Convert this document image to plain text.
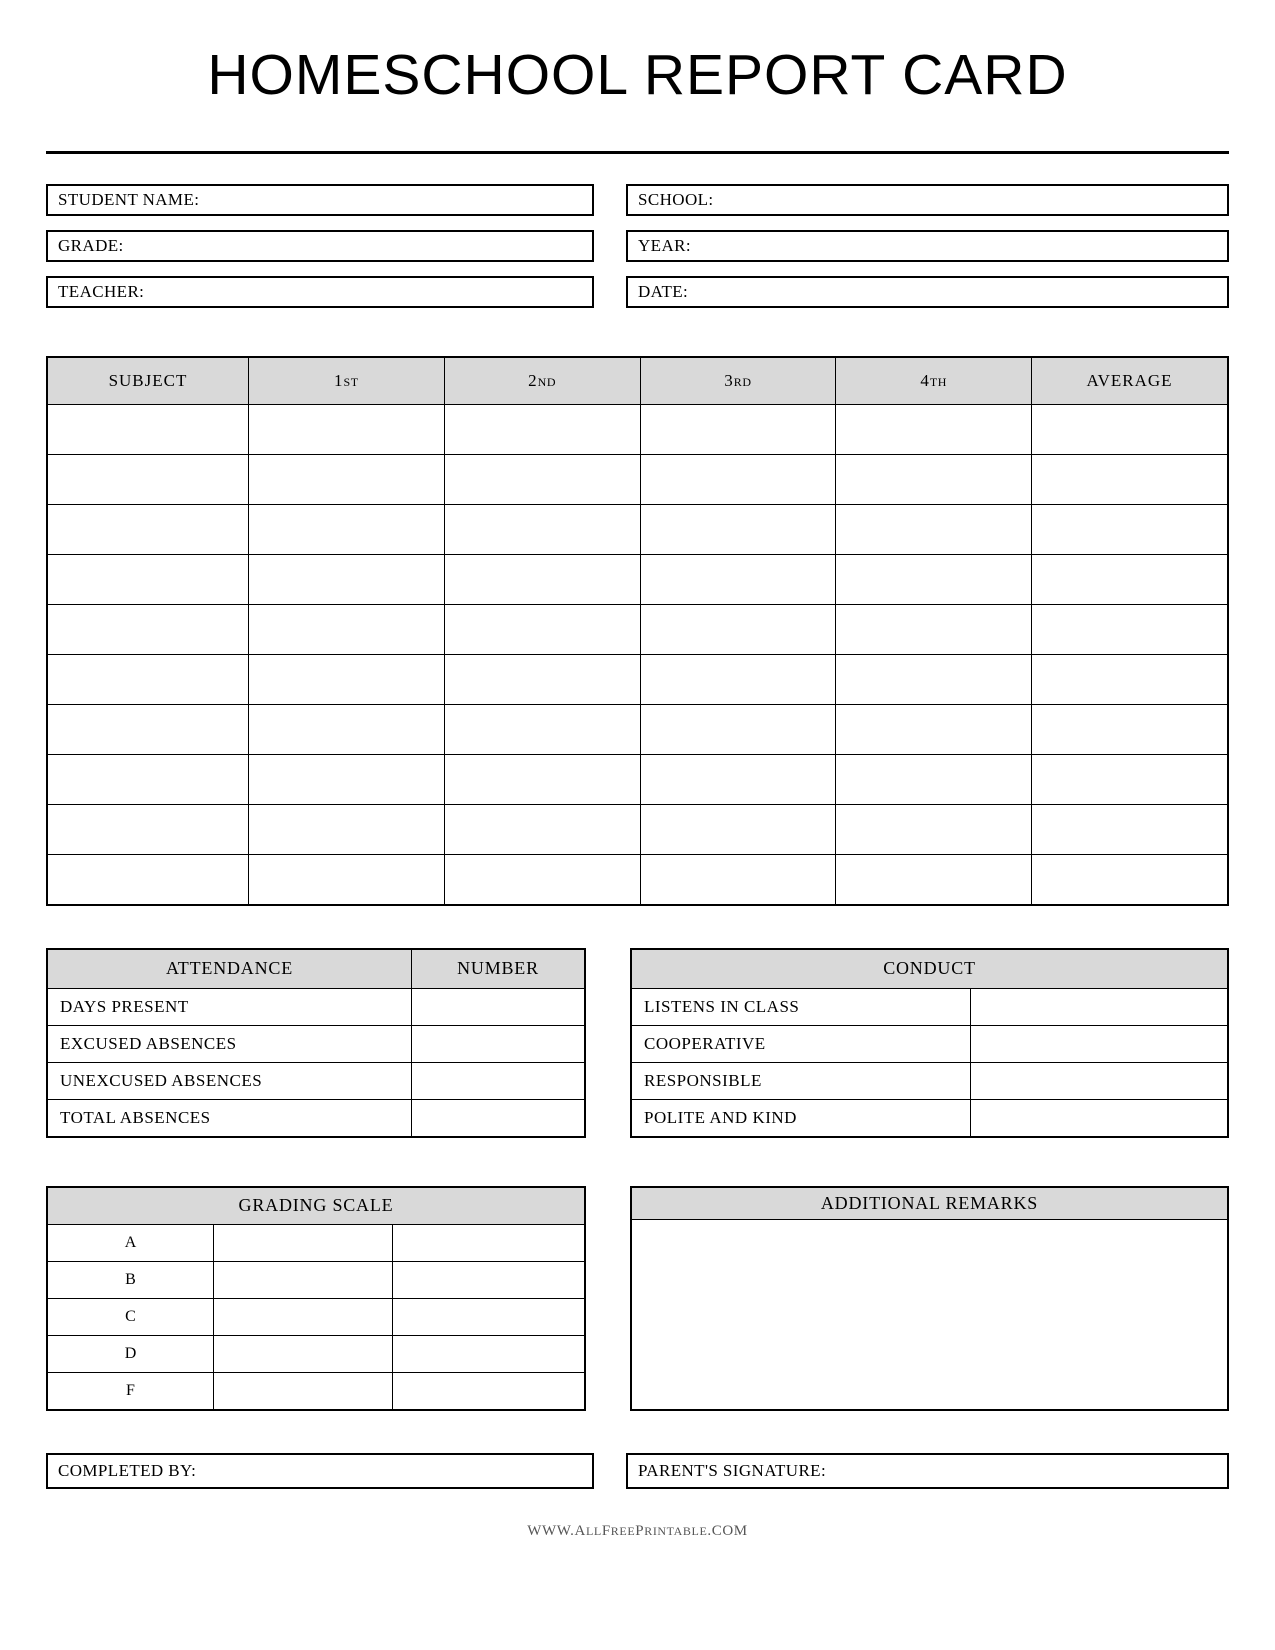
HOMESCHOOL REPORT CARD
STUDENT NAME:	SCHOOL:
GRADE:	YEAR:
TEACHER:	DATE:
SUBJECT	1ST	2ND	3RD	4TH	AVERAGE

ATTENDANCE	NUMBER
DAYS PRESENT	
EXCUSED ABSENCES	
UNEXCUSED ABSENCES	
TOTAL ABSENCES	
CONDUCT	
LISTENS IN CLASS	
COOPERATIVE	
RESPONSIBLE	
POLITE AND KIND	
GRADING SCALE		
A		
B		
C		
D		
F		
ADDITIONAL REMARKS
COMPLETED BY:	PARENT'S SIGNATURE:
WWW.ALLFREEPRINTABLE.COM
